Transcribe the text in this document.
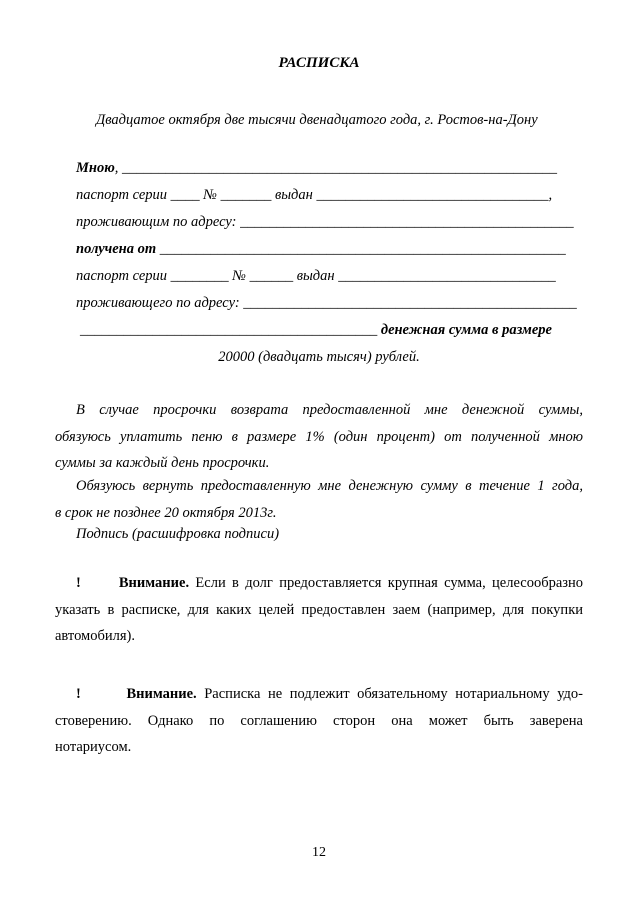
РАСПИСКА
Двадцатое октября две тысячи двенадцатого года, г. Ростов-на-Дону
Мною, ____________________________________________________________
паспорт серии ____ № _______ выдан ________________________________,
проживающим по адресу: ______________________________________________
получена от ________________________________________________________
паспорт серии ________ № ______ выдан ______________________________
проживающего по адресу: ______________________________________________
_________________________________________ денежная сумма в размере
20000 (двадцать тысяч) рублей.
В случае просрочки возврата предоставленной мне денежной суммы,
обязуюсь уплатить пеню в размере 1% (один процент) от полученной мною
суммы за каждый день просрочки.
Обязуюсь вернуть предоставленную мне денежную сумму в течение 1 года,
в срок не позднее 20 октября 2013г.
Подпись (расшифровка подписи)
!	Внимание. Если в долг предоставляется крупная сумма, целесообразно
указать в расписке, для каких целей предоставлен заем (например, для покупки
автомобиля).
!	Внимание. Расписка не подлежит обязательному нотариальному удо-
стоверению. Однако по соглашению сторон она может быть заверена
нотариусом.
12
